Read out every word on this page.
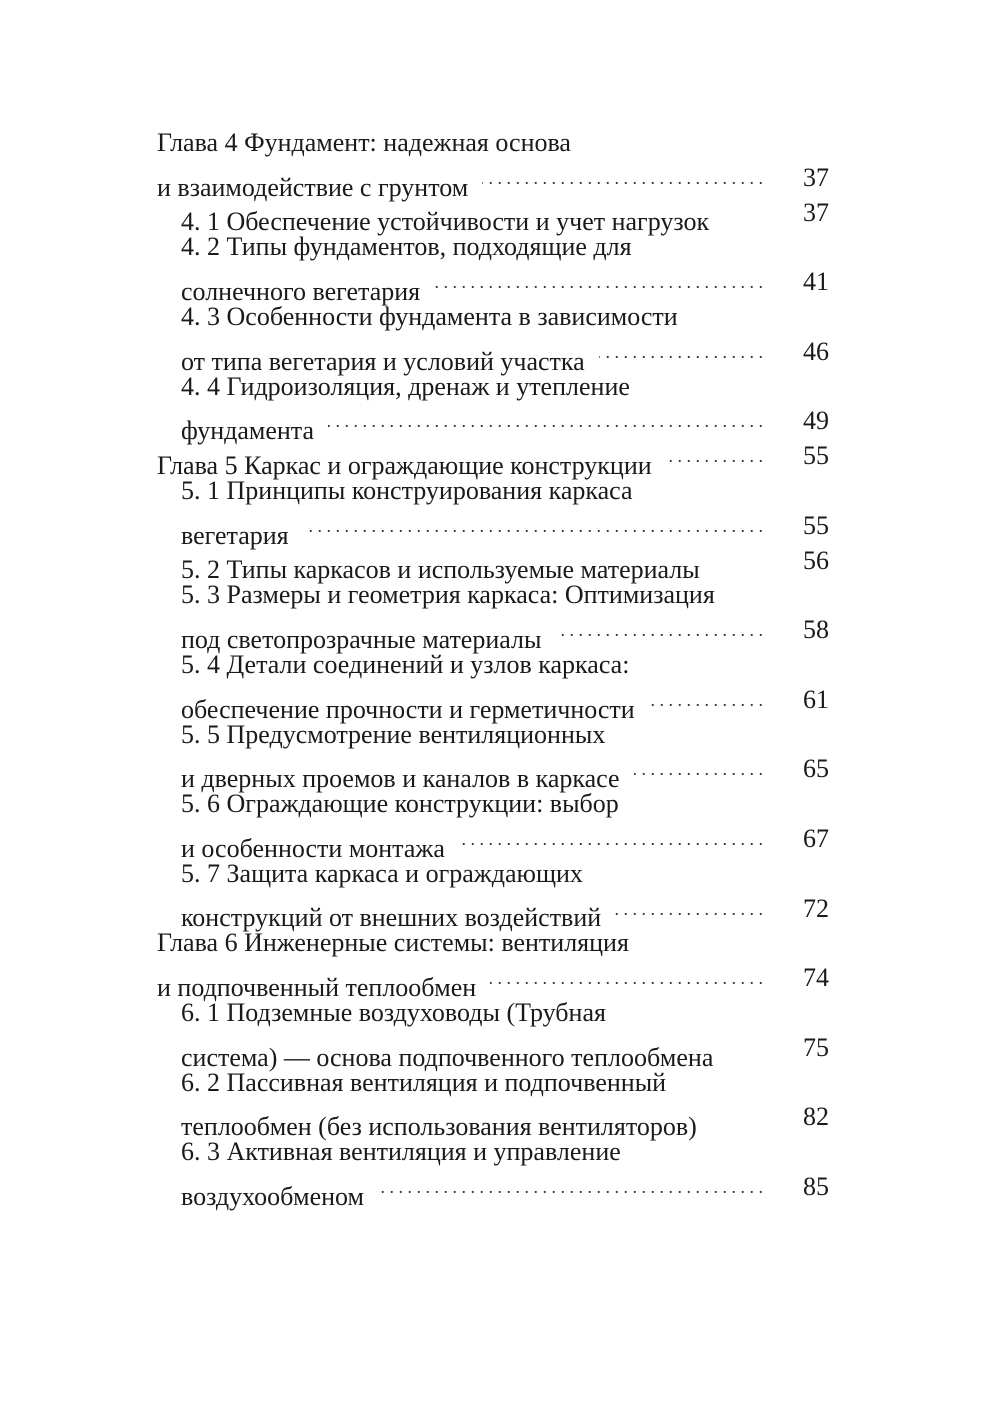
Глава 4 Фундамент: надежная основа
и взаимодействие с грунтом . . .	37
4. 1 Обеспечение устойчивости и учет нагрузок	37
4. 2 Типы фундаментов, подходящие для
солнечного вегетария . . .	41
4. 3 Особенности фундамента в зависимости
от типа вегетария и условий участка . . .	46
4. 4 Гидроизоляция, дренаж и утепление
фундамента . . .	49
Глава 5 Каркас и ограждающие конструкции . . .	55
5. 1 Принципы конструирования каркаса
вегетария . . .	55
5. 2 Типы каркасов и используемые материалы	56
5. 3 Размеры и геометрия каркаса: Оптимизация
под светопрозрачные материалы . . .	58
5. 4 Детали соединений и узлов каркаса:
обеспечение прочности и герметичности . . .	61
5. 5 Предусмотрение вентиляционных
и дверных проемов и каналов в каркасе . . .	65
5. 6 Ограждающие конструкции: выбор
и особенности монтажа . . .	67
5. 7 Защита каркаса и ограждающих
конструкций от внешних воздействий . . .	72
Глава 6 Инженерные системы: вентиляция
и подпочвенный теплообмен . . .	74
6. 1 Подземные воздуховоды (Трубная
система) — основа подпочвенного теплообмена	75
6. 2 Пассивная вентиляция и подпочвенный
теплообмен (без использования вентиляторов)	82
6. 3 Активная вентиляция и управление
воздухообменом . . .	85
